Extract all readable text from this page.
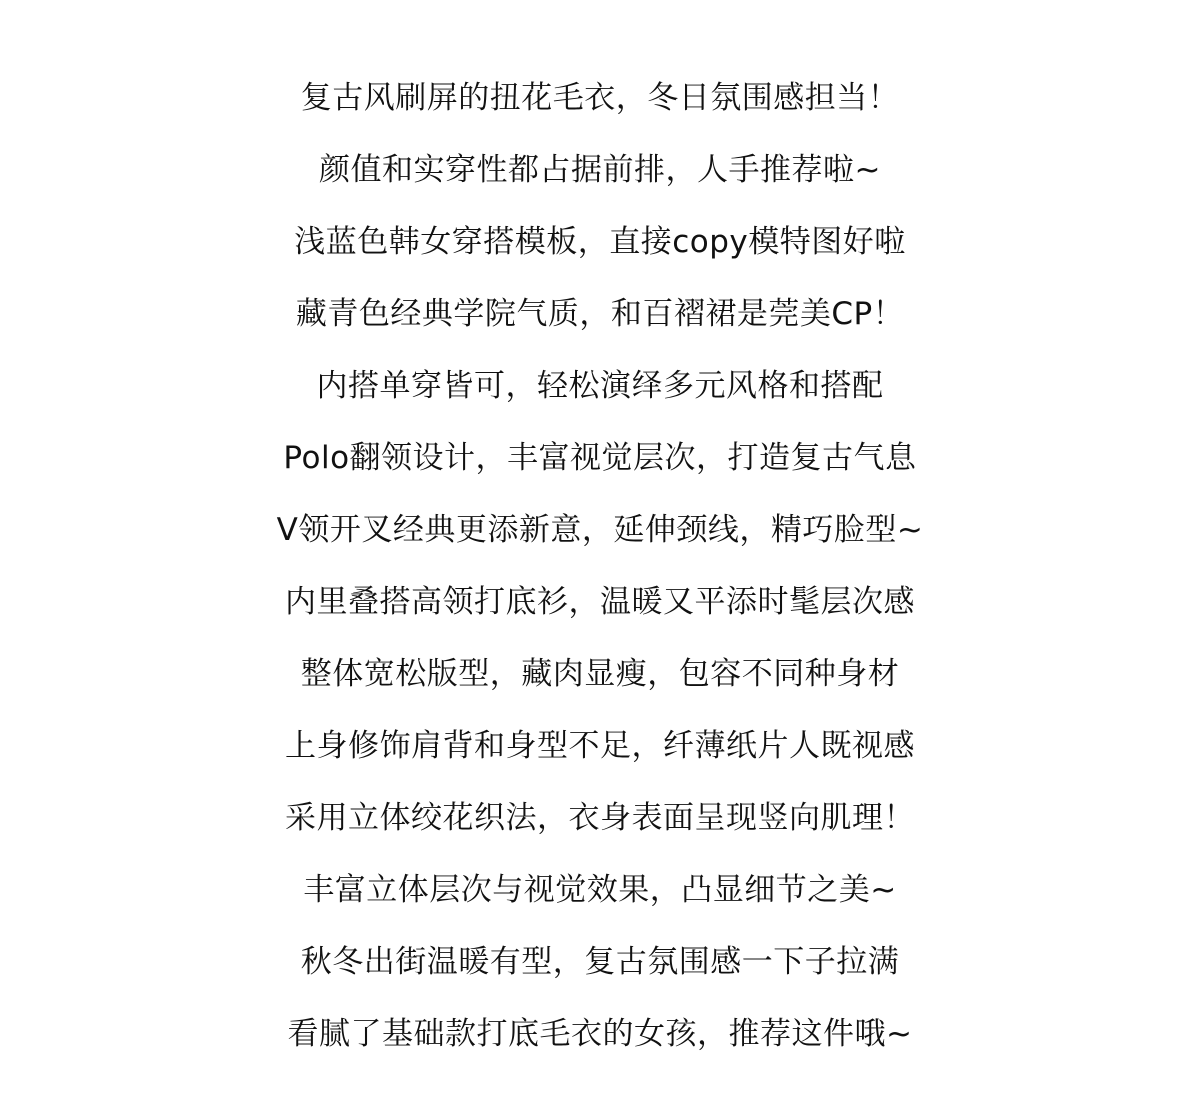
复古风刷屏的扭花毛衣，冬日氛围感担当！
颜值和实穿性都占据前排，人手推荐啦~
浅蓝色韩女穿搭模板，直接copy模特图好啦
藏青色经典学院气质，和百褶裙是莞美CP！
内搭单穿皆可，轻松演绎多元风格和搭配
Polo翻领设计，丰富视觉层次，打造复古气息
V领开叉经典更添新意，延伸颈线，精巧脸型~
内里叠搭高领打底衫，温暖又平添时髦层次感
整体宽松版型，藏肉显瘦，包容不同种身材
上身修饰肩背和身型不足，纤薄纸片人既视感
采用立体绞花织法，衣身表面呈现竖向肌理！
丰富立体层次与视觉效果，凸显细节之美~
秋冬出街温暖有型，复古氛围感一下子拉满
看腻了基础款打底毛衣的女孩，推荐这件哦~
